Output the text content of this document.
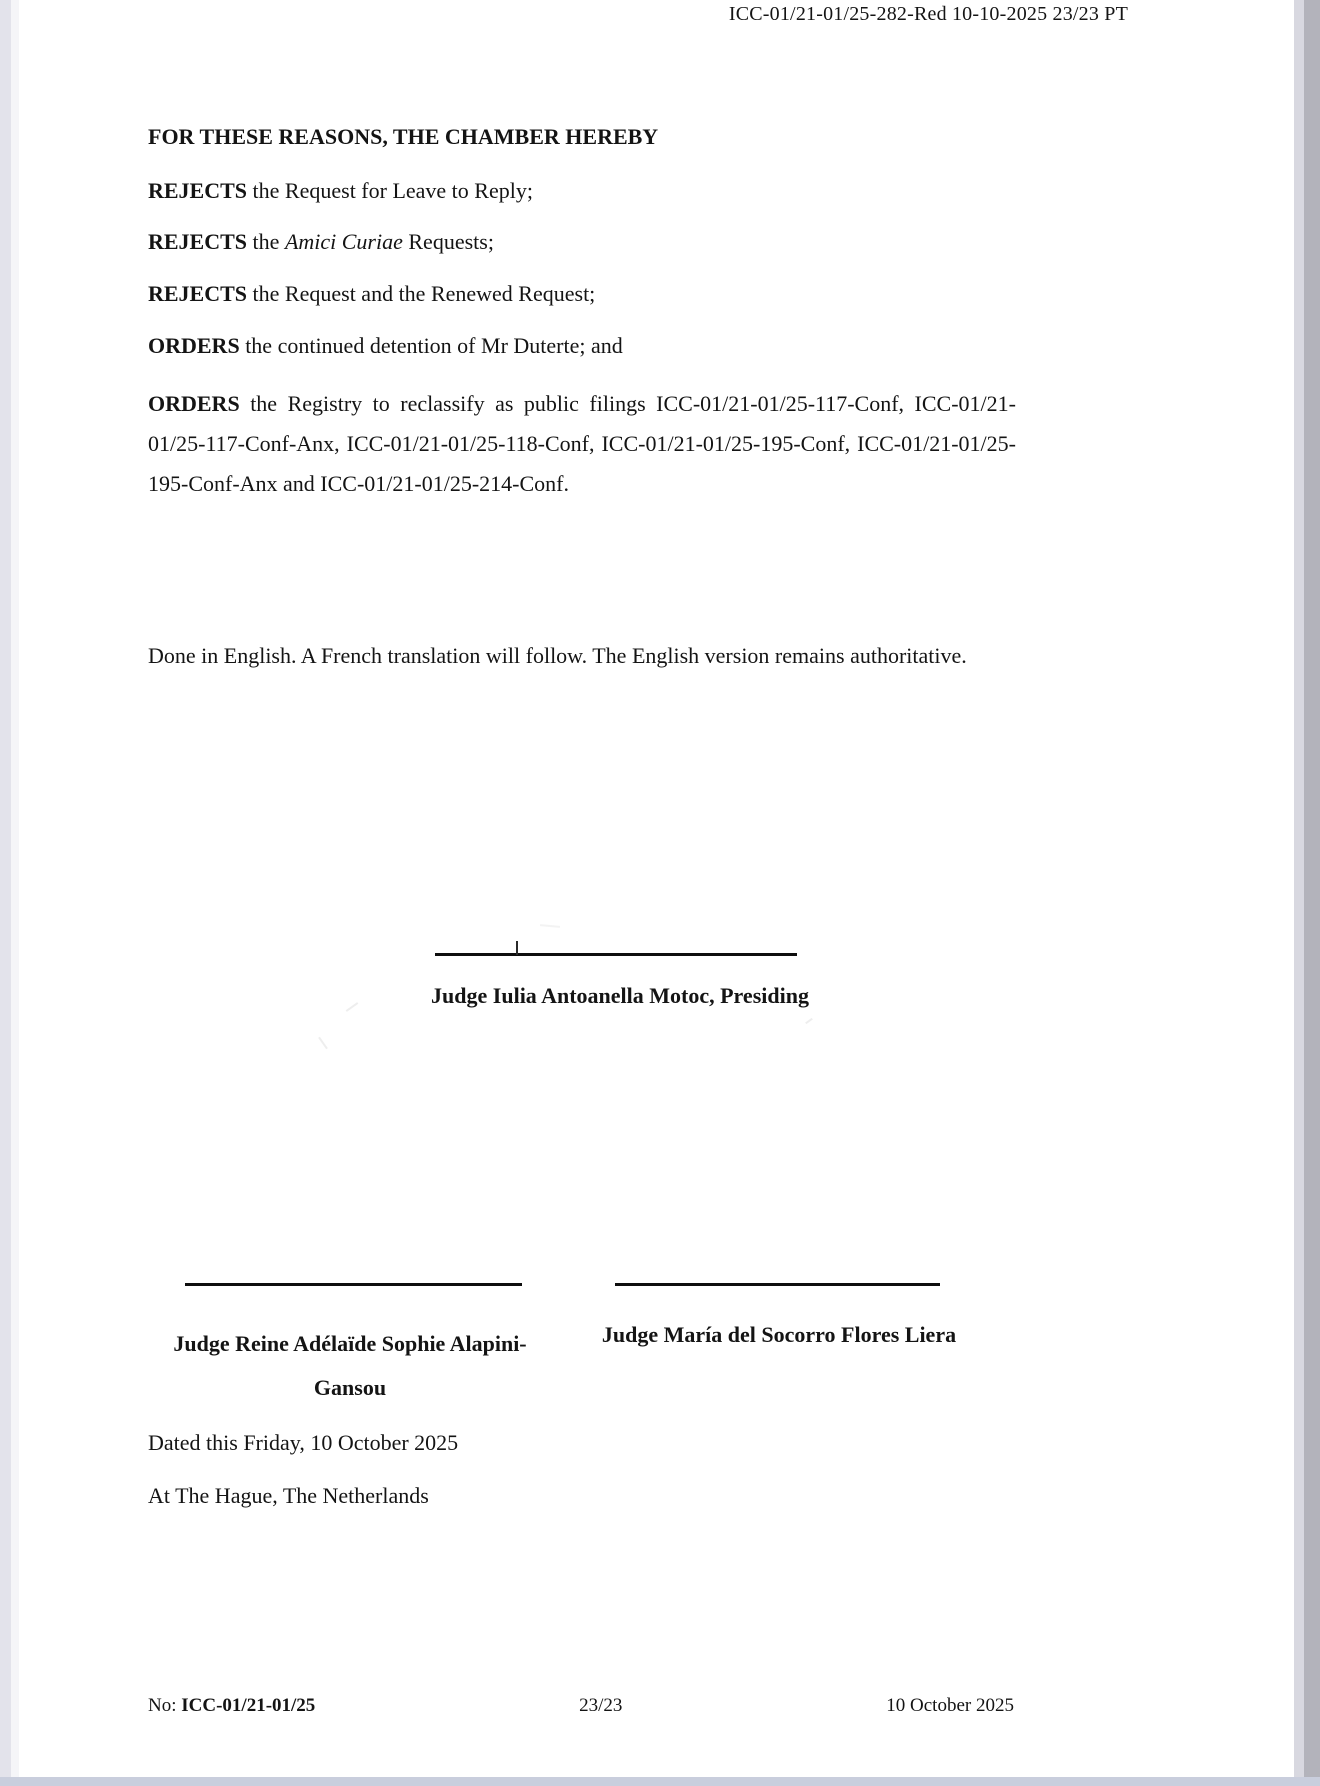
ICC-01/21-01/25-282-Red 10-10-2025 23/23 PT
FOR THESE REASONS, THE CHAMBER HEREBY
REJECTS the Request for Leave to Reply;
REJECTS the Amici Curiae Requests;
REJECTS the Request and the Renewed Request;
ORDERS the continued detention of Mr Duterte; and
ORDERS the Registry to reclassify as public filings ICC-01/21-01/25-117-Conf, ICC-01/21-01/25-117-Conf-Anx, ICC-01/21-01/25-118-Conf, ICC-01/21-01/25-195-Conf, ICC-01/21-01/25-195-Conf-Anx and ICC-01/21-01/25-214-Conf.
Done in English. A French translation will follow. The English version remains authoritative.
Judge Iulia Antoanella Motoc, Presiding
Judge Reine Adélaïde Sophie Alapini-
Gansou
Judge María del Socorro Flores Liera
Dated this Friday, 10 October 2025
At The Hague, The Netherlands
No: ICC-01/21-01/25	23/23	10 October 2025
